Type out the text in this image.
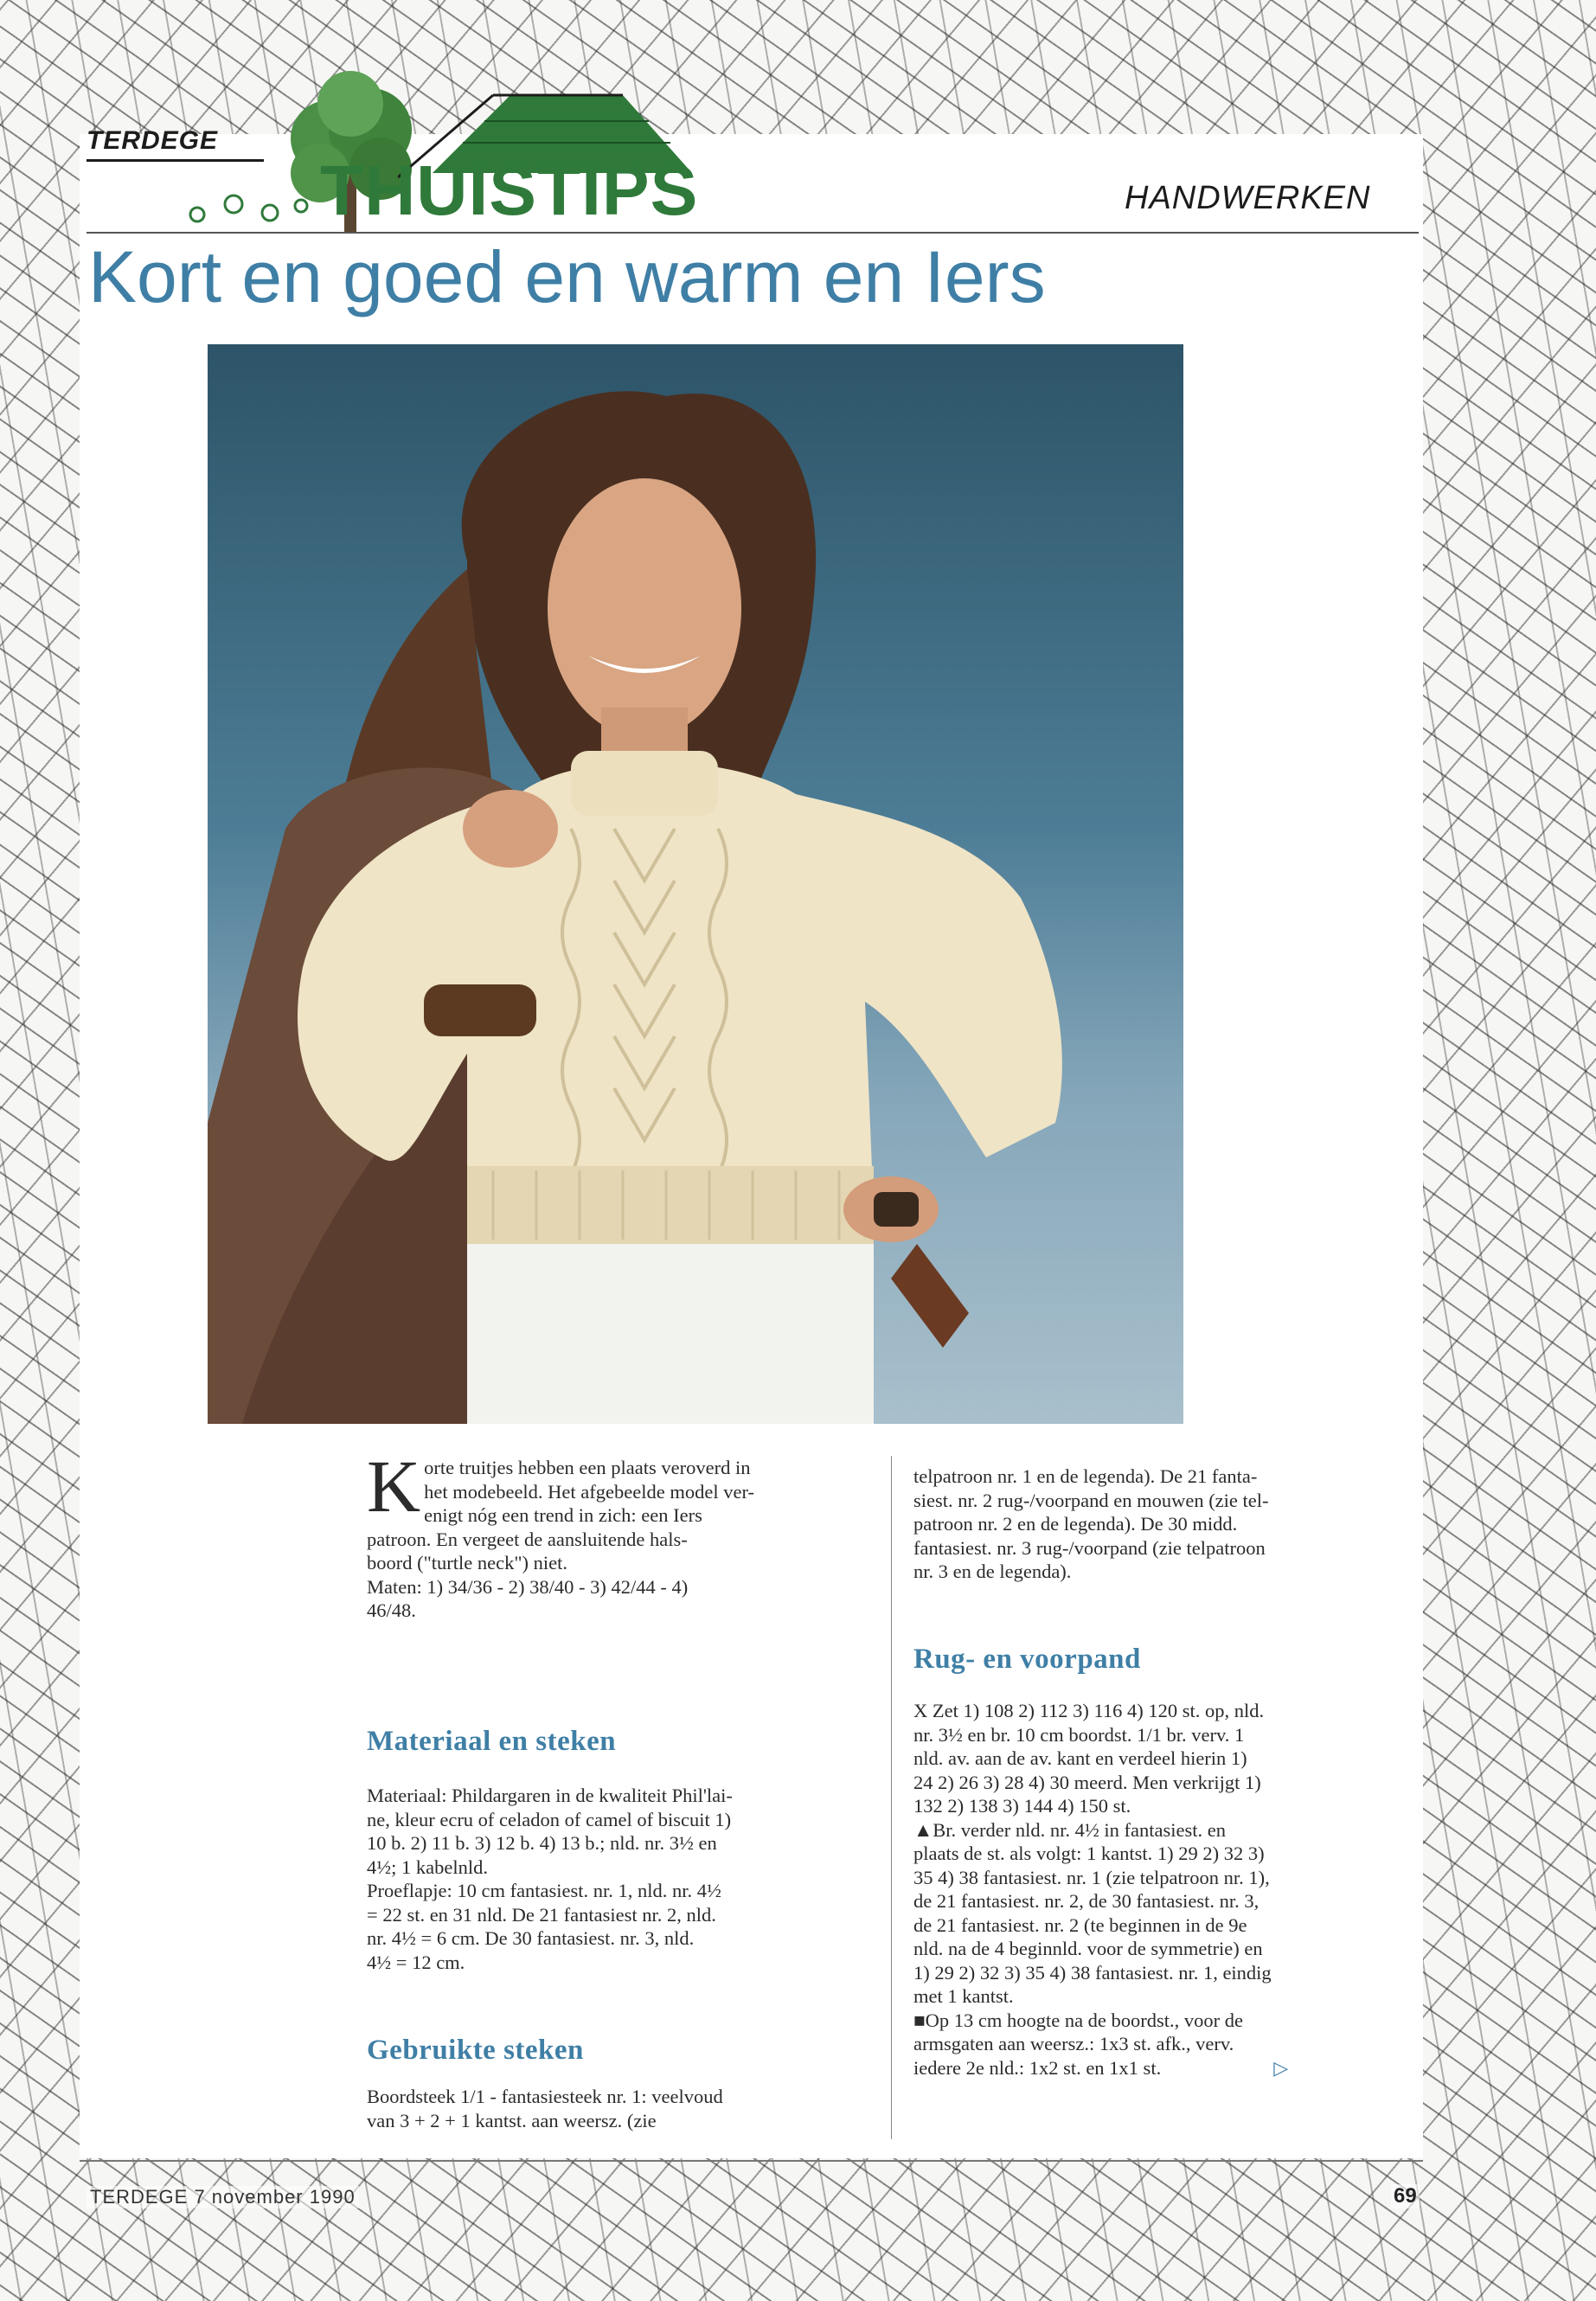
TERDEGE
THUISTIPS	HANDWERKEN
Kort en goed en warm en Iers
K orte truitjes hebben een plaats veroverd in

het modebeeld. Het afgebeelde model ver-

enigt nóg een trend in zich: een Iers

patroon. En vergeet de aansluitende hals-

boord ("turtle neck") niet.

Maten: 1) 34/36 - 2) 38/40 - 3) 42/44 - 4)

46/48.

Materiaal en steken

Materiaal: Phildargaren in de kwaliteit Phil'lai-

ne, kleur ecru of celadon of camel of biscuit 1)

10 b. 2) 11 b. 3) 12 b. 4) 13 b.; nld. nr. 3½ en

4½; 1 kabelnld.

Proeflapje: 10 cm fantasiest. nr. 1, nld. nr. 4½

= 22 st. en 31 nld. De 21 fantasiest nr. 2, nld.

nr. 4½ = 6 cm. De 30 fantasiest. nr. 3, nld.

4½ = 12 cm.

Gebruikte steken

Boordsteek 1/1 - fantasiesteek nr. 1: veelvoud

van 3 + 2 + 1 kantst. aan weersz. (zie

telpatroon nr. 1 en de legenda). De 21 fanta-

siest. nr. 2 rug-/voorpand en mouwen (zie tel-

patroon nr. 2 en de legenda). De 30 midd.

fantasiest. nr. 3 rug-/voorpand (zie telpatroon

nr. 3 en de legenda).

Rug- en voorpand

X Zet 1) 108 2) 112 3) 116 4) 120 st. op, nld.

nr. 3½ en br. 10 cm boordst. 1/1 br. verv. 1

nld. av. aan de av. kant en verdeel hierin 1)

24 2) 26 3) 28 4) 30 meerd. Men verkrijgt 1)

132 2) 138 3) 144 4) 150 st.

▲Br. verder nld. nr. 4½ in fantasiest. en

plaats de st. als volgt: 1 kantst. 1) 29 2) 32 3)

35 4) 38 fantasiest. nr. 1 (zie telpatroon nr. 1),

de 21 fantasiest. nr. 2, de 30 fantasiest. nr. 3,

de 21 fantasiest. nr. 2 (te beginnen in de 9e

nld. na de 4 beginnld. voor de symmetrie) en

1) 29 2) 32 3) 35 4) 38 fantasiest. nr. 1, eindig

met 1 kantst.

■Op 13 cm hoogte na de boordst., voor de

armsgaten aan weersz.: 1x3 st. afk., verv.

iedere 2e nld.: 1x2 st. en 1x1 st.	▷

TERDEGE 7 november 1990	69
